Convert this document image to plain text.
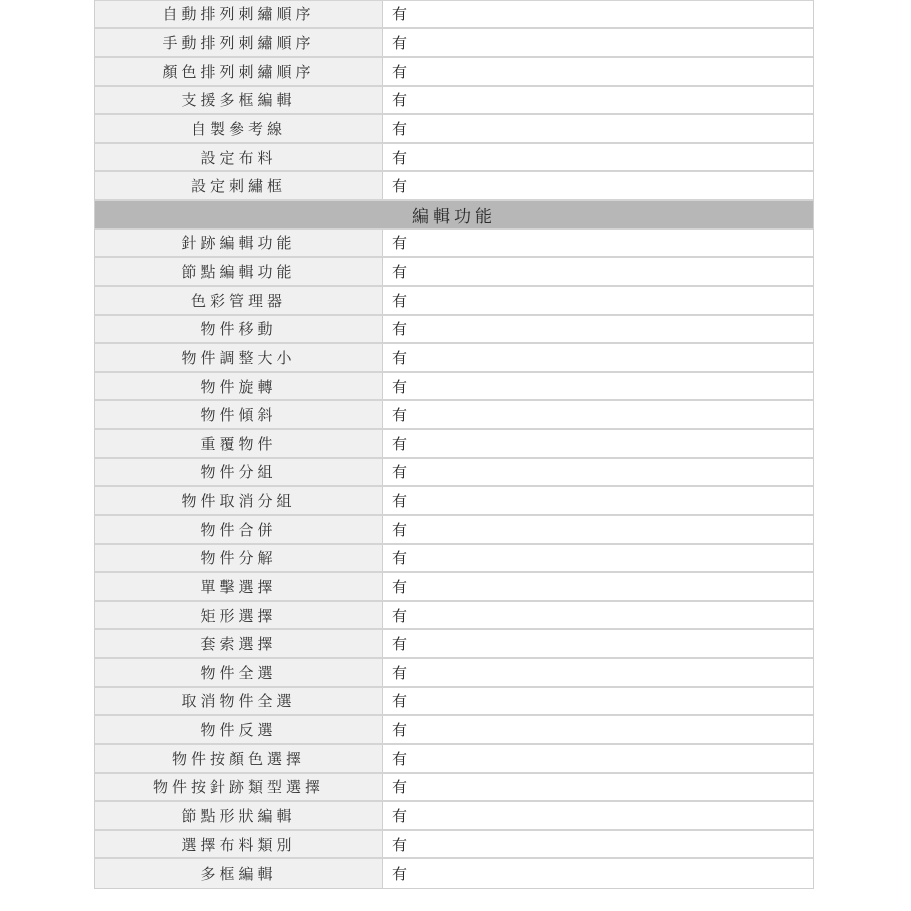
自動排列刺繡順序	有
手動排列刺繡順序	有
顏色排列刺繡順序	有
支援多框編輯	有
自製參考線	有
設定布料	有
設定刺繡框	有
編輯功能
針跡編輯功能	有
節點編輯功能	有
色彩管理器	有
物件移動	有
物件調整大小	有
物件旋轉	有
物件傾斜	有
重覆物件	有
物件分組	有
物件取消分組	有
物件合併	有
物件分解	有
單擊選擇	有
矩形選擇	有
套索選擇	有
物件全選	有
取消物件全選	有
物件反選	有
物件按顏色選擇	有
物件按針跡類型選擇	有
節點形狀編輯	有
選擇布料類別	有
多框編輯	有
